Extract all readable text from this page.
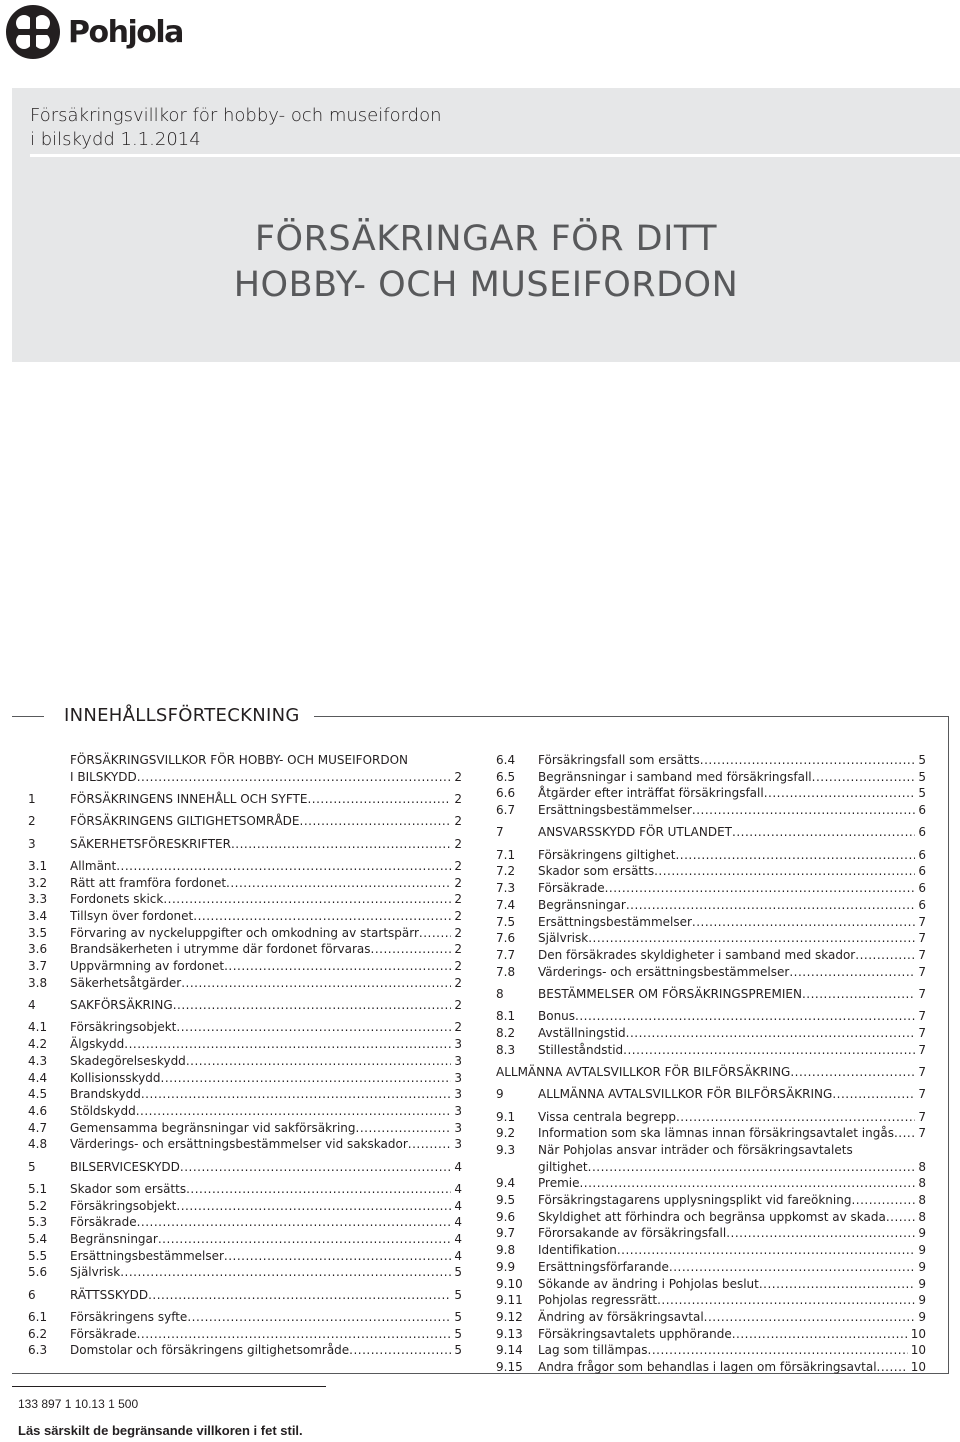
Pohjola
Försäkringsvillkor för hobby- och museifordon
i bilskydd 1.1.2014
FÖRSÄKRINGAR FÖR DITT
HOBBY- OCH MUSEIFORDON
INNEHÅLLSFÖRTECKNING
FÖRSÄKRINGSVILLKOR FÖR HOBBY- OCH MUSEIFORDON
I BILSKYDD .....	2
1	FÖRSÄKRINGENS INNEHÅLL OCH SYFTE .....	2
2	FÖRSÄKRINGENS GILTIGHETSOMRÅDE .....	2
3	SÄKERHETSFÖRESKRIFTER .....	2
3.1	Allmänt .....	2
3.2	Rätt att framföra fordonet .....	2
3.3	Fordonets skick .....	2
3.4	Tillsyn över fordonet .....	2
3.5	Förvaring av nyckeluppgifter och omkodning av startspärr .....	2
3.6	Brandsäkerheten i utrymme där fordonet förvaras .....	2
3.7	Uppvärmning av fordonet .....	2
3.8	Säkerhetsåtgärder .....	2
4	SAKFÖRSÄKRING .....	2
4.1	Försäkringsobjekt .....	2
4.2	Älgskydd .....	3
4.3	Skadegörelseskydd .....	3
4.4	Kollisionsskydd .....	3
4.5	Brandskydd .....	3
4.6	Stöldskydd .....	3
4.7	Gemensamma begränsningar vid sakförsäkring .....	3
4.8	Värderings- och ersättningsbestämmelser vid sakskador .....	3
5	BILSERVICESKYDD .....	4
5.1	Skador som ersätts .....	4
5.2	Försäkringsobjekt .....	4
5.3	Försäkrade .....	4
5.4	Begränsningar .....	4
5.5	Ersättningsbestämmelser .....	4
5.6	Självrisk .....	5
6	RÄTTSSKYDD .....	5
6.1	Försäkringens syfte .....	5
6.2	Försäkrade .....	5
6.3	Domstolar och försäkringens giltighetsområde .....	5
6.4	Försäkringsfall som ersätts .....	5
6.5	Begränsningar i samband med försäkringsfall .....	5
6.6	Åtgärder efter inträffat försäkringsfall .....	5
6.7	Ersättningsbestämmelser .....	6
7	ANSVARSSKYDD FÖR UTLANDET .....	6
7.1	Försäkringens giltighet .....	6
7.2	Skador som ersätts .....	6
7.3	Försäkrade .....	6
7.4	Begränsningar .....	6
7.5	Ersättningsbestämmelser .....	7
7.6	Självrisk .....	7
7.7	Den försäkrades skyldigheter i samband med skador .....	7
7.8	Värderings- och ersättningsbestämmelser .....	7
8	BESTÄMMELSER OM FÖRSÄKRINGSPREMIEN .....	7
8.1	Bonus .....	7
8.2	Avställningstid .....	7
8.3	Stilleståndstid .....	7
ALLMÄNNA AVTALSVILLKOR FÖR BILFÖRSÄKRING .....	7
9	ALLMÄNNA AVTALSVILLKOR FÖR BILFÖRSÄKRING .....	7
9.1	Vissa centrala begrepp .....	7
9.2	Information som ska lämnas innan försäkringsavtalet ingås ..... 7
9.3	När Pohjolas ansvar inträder och försäkringsavtalets
giltighet .....	8
9.4	Premie .....	8
9.5	Försäkringstagarens upplysningsplikt vid fareökning .....	8
9.6	Skyldighet att förhindra och begränsa uppkomst av skada .....	8
9.7	Förorsakande av försäkringsfall .....	9
9.8	Identifikation .....	9
9.9	Ersättningsförfarande .....	9
9.10	Sökande av ändring i Pohjolas beslut .....	9
9.11	Pohjolas regressrätt .....	9
9.12	Ändring av försäkringsavtal .....	9
9.13	Försäkringsavtalets upphörande .....	10
9.14	Lag som tillämpas .....	10
9.15	Andra frågor som behandlas i lagen om försäkringsavtal .....	10
133 897 1 10.13 1 500
Läs särskilt de begränsande villkoren i fet stil.
